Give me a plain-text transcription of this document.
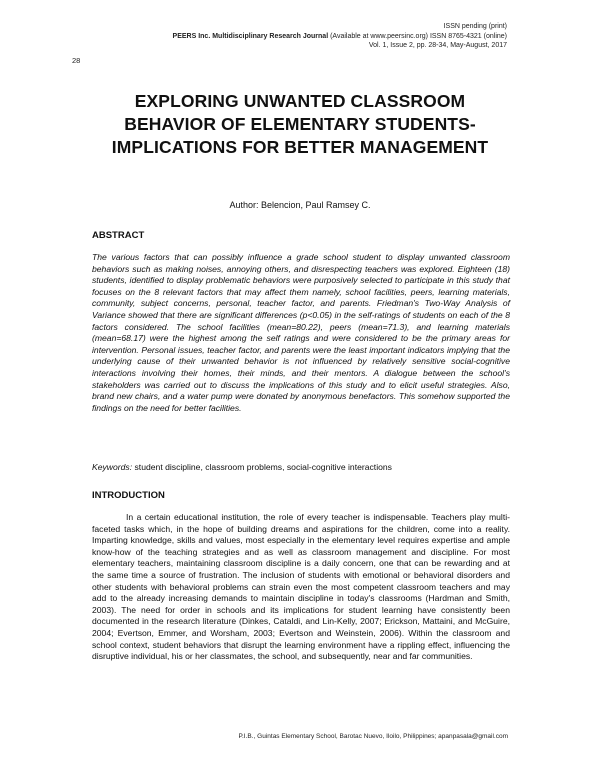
ISSN pending (print)
PEERS Inc. Multidisciplinary Research Journal (Available at www.peersinc.org) ISSN 8765-4321 (online)
Vol. 1, Issue 2, pp. 28-34, May-August, 2017
28
EXPLORING UNWANTED CLASSROOM BEHAVIOR OF ELEMENTARY STUDENTS- IMPLICATIONS FOR BETTER MANAGEMENT
Author: Belencion, Paul Ramsey C.
ABSTRACT
The various factors that can possibly influence a grade school student to display unwanted classroom behaviors such as making noises, annoying others, and disrespecting teachers was explored. Eighteen (18) students, identified to display problematic behaviors were purposively selected to participate in this study that focuses on the 8 relevant factors that may affect them namely, school facilities, peers, learning materials, community, subject concerns, personal, teacher factor, and parents. Friedman's Two-Way Analysis of Variance showed that there are significant differences (p<0.05) in the self-ratings of students on each of the 8 factors considered. The school facilities (mean=80.22), peers (mean=71.3), and learning materials (mean=68.17) were the highest among the self ratings and were considered to be the primary areas for intervention. Personal issues, teacher factor, and parents were the least important indicators implying that the underlying cause of their unwanted behavior is not influenced by relatively sensitive social-cognitive interactions involving their homes, their minds, and their mentors. A dialogue between the school's stakeholders was carried out to discuss the implications of this study and to elicit useful strategies. Also, brand new chairs, and a water pump were donated by anonymous benefactors. This somehow supported the findings on the need for better facilities.
Keywords: student discipline, classroom problems, social-cognitive interactions
INTRODUCTION
In a certain educational institution, the role of every teacher is indispensable. Teachers play multi-faceted tasks which, in the hope of building dreams and aspirations for the children, come into a reality. Imparting knowledge, skills and values, most especially in the elementary level requires expertise and ample know-how of the teaching strategies and as well as classroom management and discipline. For most elementary teachers, maintaining classroom discipline is a daily concern, one that can be rewarding and at the same time a source of frustration. The inclusion of students with emotional or behavioral disorders and other students with behavioral problems can strain even the most competent classroom teachers and may add to the already increasing demands to maintain discipline in today's classrooms (Hardman and Smith, 2003). The need for order in schools and its implications for student learning have consistently been documented in the research literature (Dinkes, Cataldi, and Lin-Kelly, 2007; Erickson, Mattaini, and McGuire, 2004; Evertson, Emmer, and Worsham, 2003; Evertson and Weinstein, 2006). Within the classroom and school context, student behaviors that disrupt the learning environment have a rippling effect, influencing the disruptive individual, his or her classmates, the school, and subsequently, near and far communities.
P.I.B., Guintas Elementary School, Barotac Nuevo, Iloilo, Philippines; apanpasala@gmail.com
